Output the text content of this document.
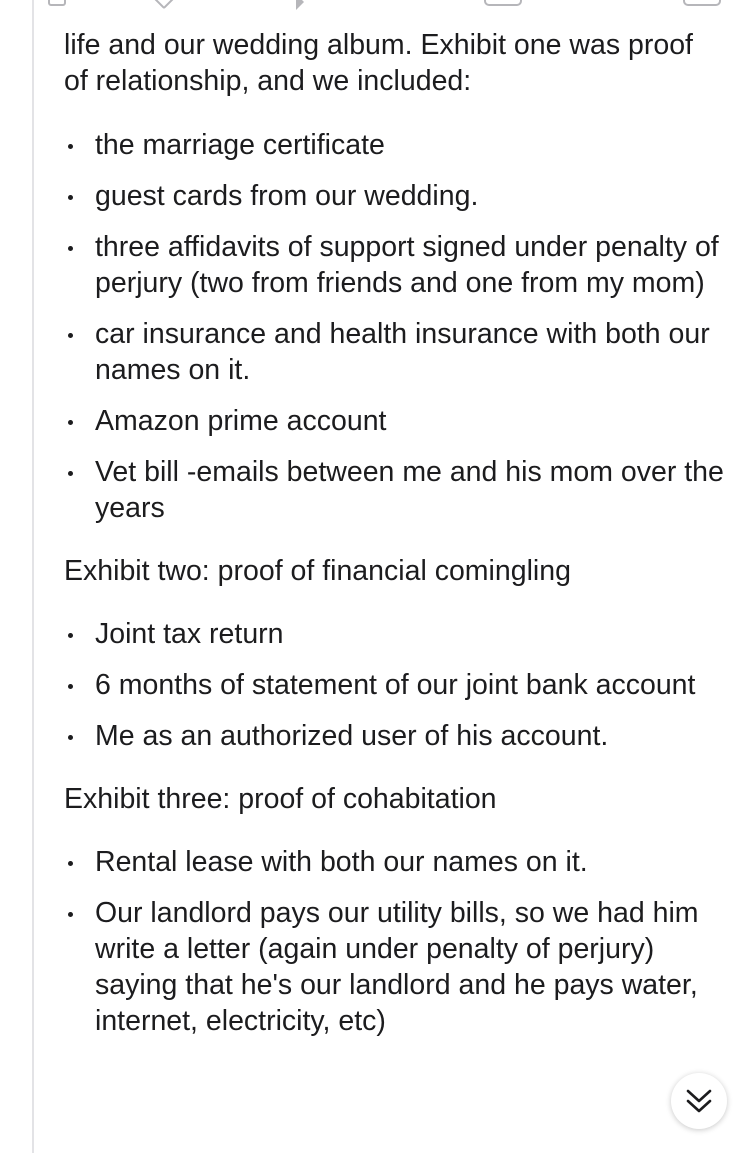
life and our wedding album. Exhibit one was proof of relationship, and we included:

the marriage certificate
guest cards from our wedding.
three affidavits of support signed under penalty of perjury (two from friends and one from my mom)
car insurance and health insurance with both our names on it.
Amazon prime account
Vet bill -emails between me and his mom over the years

Exhibit two: proof of financial comingling

Joint tax return
6 months of statement of our joint bank account
Me as an authorized user of his account.

Exhibit three: proof of cohabitation

Rental lease with both our names on it.
Our landlord pays our utility bills, so we had him write a letter (again under penalty of perjury) saying that he's our landlord and he pays water, internet, electricity, etc)
